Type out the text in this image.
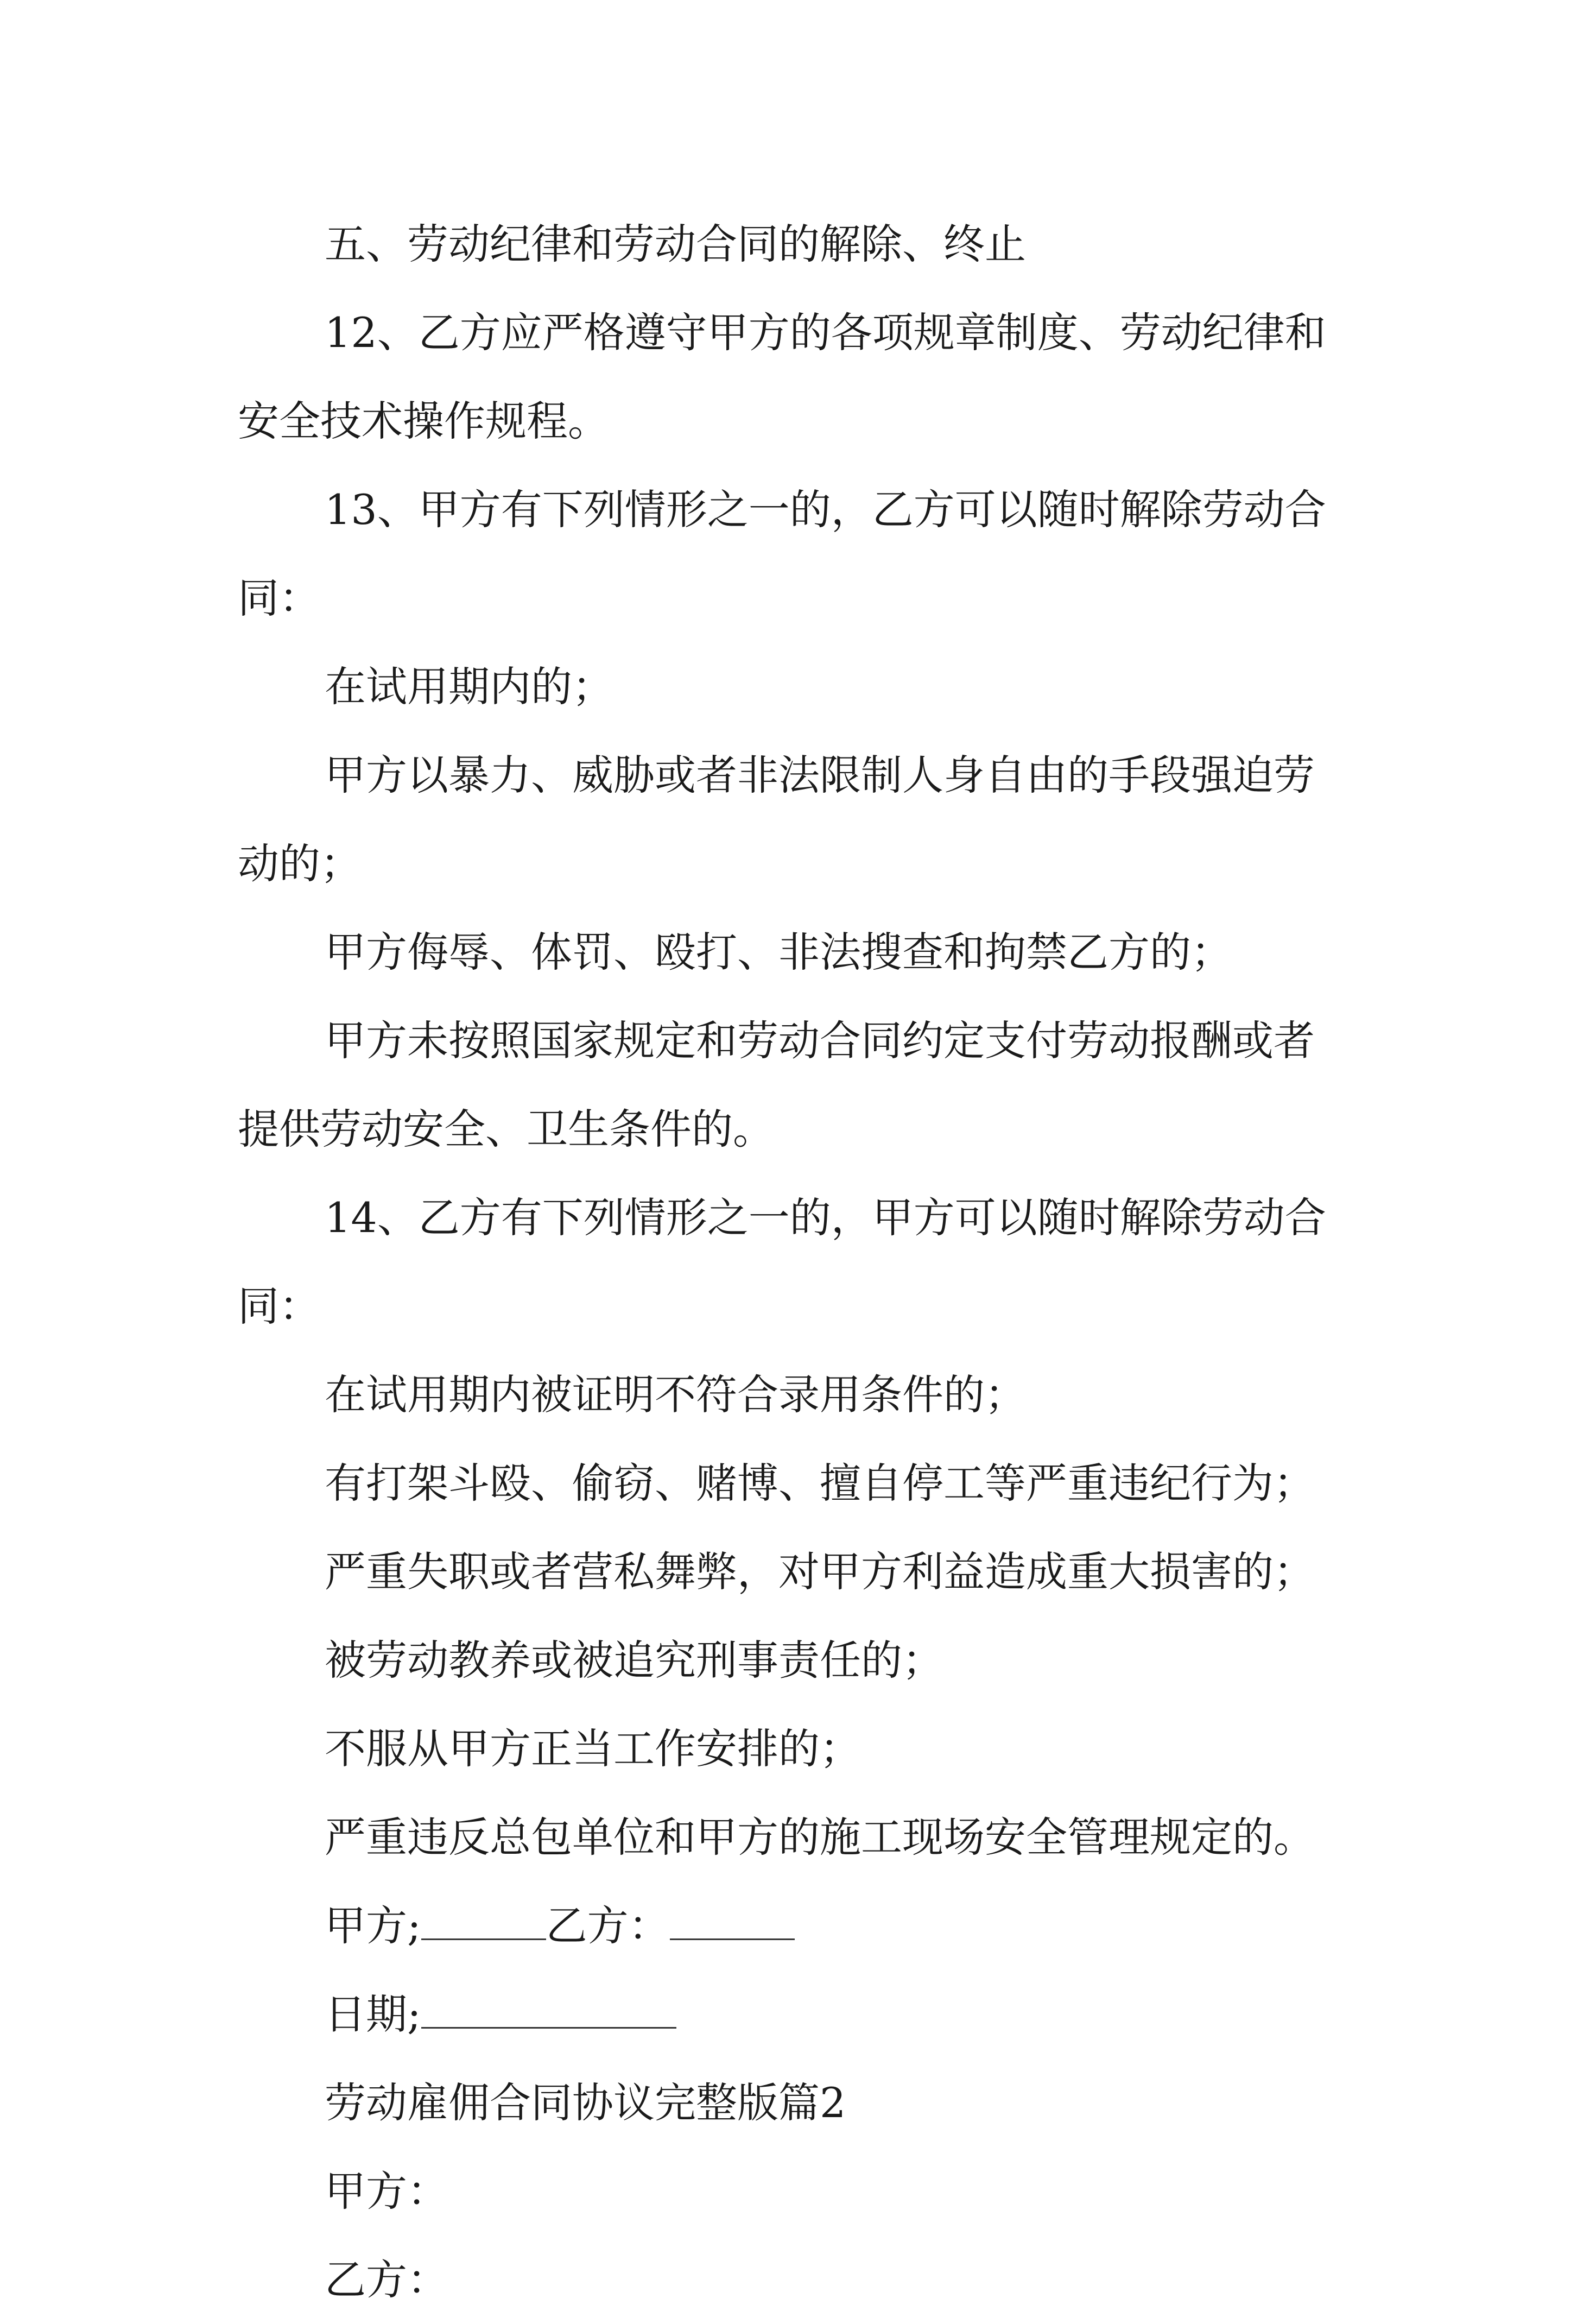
五、劳动纪律和劳动合同的解除、终止

12、乙方应严格遵守甲方的各项规章制度、劳动纪律和安全技术操作规程。

13、甲方有下列情形之一的，乙方可以随时解除劳动合同：

在试用期内的；

甲方以暴力、威胁或者非法限制人身自由的手段强迫劳动的；

甲方侮辱、体罚、殴打、非法搜查和拘禁乙方的；

甲方未按照国家规定和劳动合同约定支付劳动报酬或者提供劳动安全、卫生条件的。

14、乙方有下列情形之一的，甲方可以随时解除劳动合同：

在试用期内被证明不符合录用条件的；

有打架斗殴、偷窃、赌博、擅自停工等严重违纪行为；

严重失职或者营私舞弊，对甲方利益造成重大损害的；

被劳动教养或被追究刑事责任的；

不服从甲方正当工作安排的；

严重违反总包单位和甲方的施工现场安全管理规定的。

甲方;	乙方：

日期;

劳动雇佣合同协议完整版篇2

甲方：

乙方：
